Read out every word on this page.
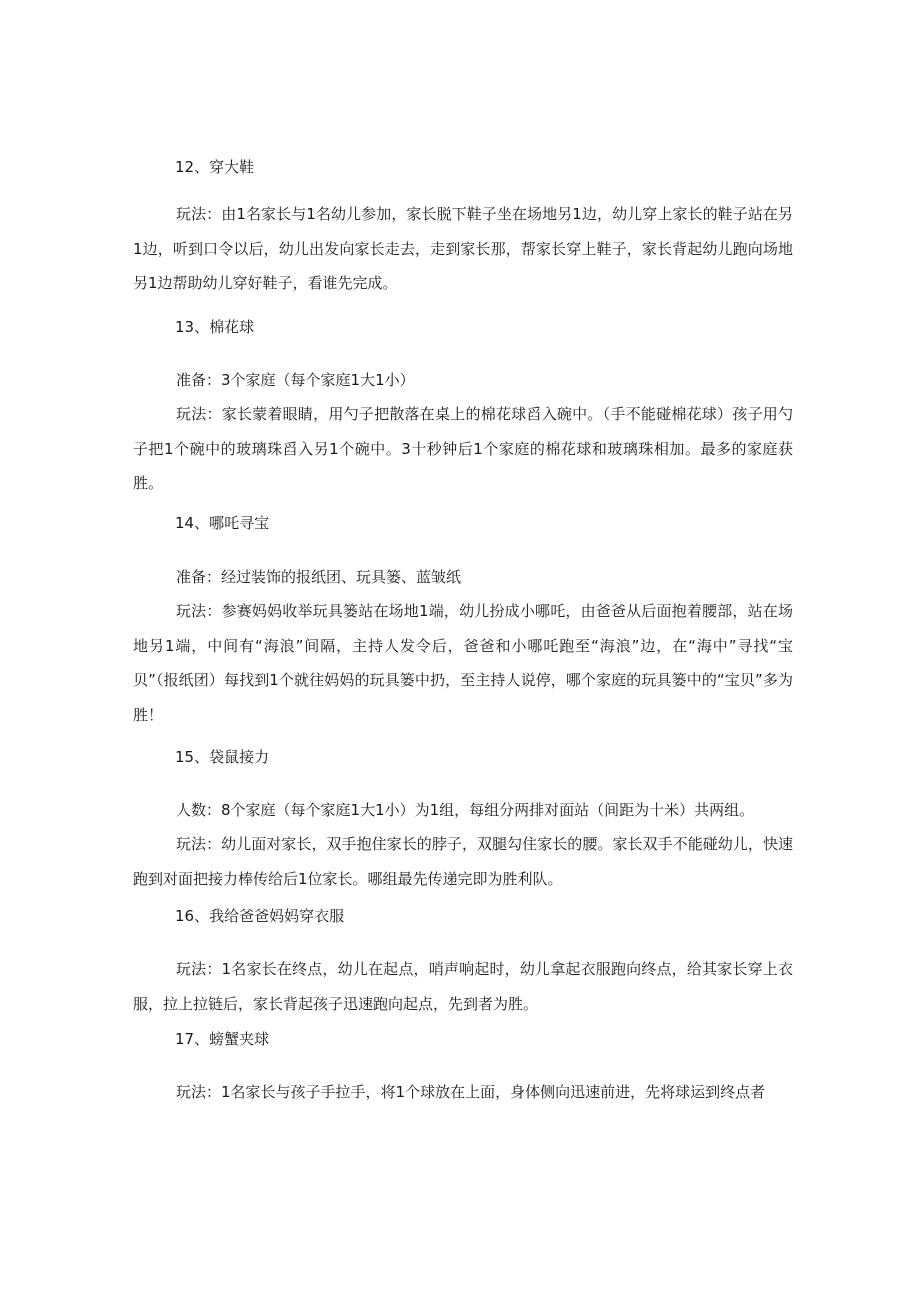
12、穿大鞋

玩法：由1名家长与1名幼儿参加，家长脱下鞋子坐在场地另1边，幼儿穿上家长的鞋子站在另1边，听到口令以后，幼儿出发向家长走去，走到家长那，帮家长穿上鞋子，家长背起幼儿跑向场地另1边帮助幼儿穿好鞋子，看谁先完成。

13、棉花球

准备：3个家庭（每个家庭1大1小）

玩法：家长蒙着眼睛，用勺子把散落在桌上的棉花球舀入碗中。（手不能碰棉花球）孩子用勺子把1个碗中的玻璃珠舀入另1个碗中。3十秒钟后1个家庭的棉花球和玻璃珠相加。最多的家庭获胜。

14、哪吒寻宝

准备：经过装饰的报纸团、玩具篓、蓝皱纸

玩法：参赛妈妈收举玩具篓站在场地1端，幼儿扮成小哪吒，由爸爸从后面抱着腰部，站在场地另1端，中间有“海浪”间隔，主持人发令后，爸爸和小哪吒跑至“海浪”边，在“海中”寻找“宝贝”（报纸团）每找到1个就往妈妈的玩具篓中扔，至主持人说停，哪个家庭的玩具篓中的“宝贝”多为胜！

15、袋鼠接力

人数：8个家庭（每个家庭1大1小）为1组，每组分两排对面站（间距为十米）共两组。

玩法：幼儿面对家长，双手抱住家长的脖子，双腿勾住家长的腰。家长双手不能碰幼儿，快速跑到对面把接力棒传给后1位家长。哪组最先传递完即为胜利队。

16、我给爸爸妈妈穿衣服

玩法：1名家长在终点，幼儿在起点，哨声响起时，幼儿拿起衣服跑向终点，给其家长穿上衣服，拉上拉链后，家长背起孩子迅速跑向起点，先到者为胜。

17、螃蟹夹球

玩法：1名家长与孩子手拉手，将1个球放在上面，身体侧向迅速前进，先将球运到终点者
